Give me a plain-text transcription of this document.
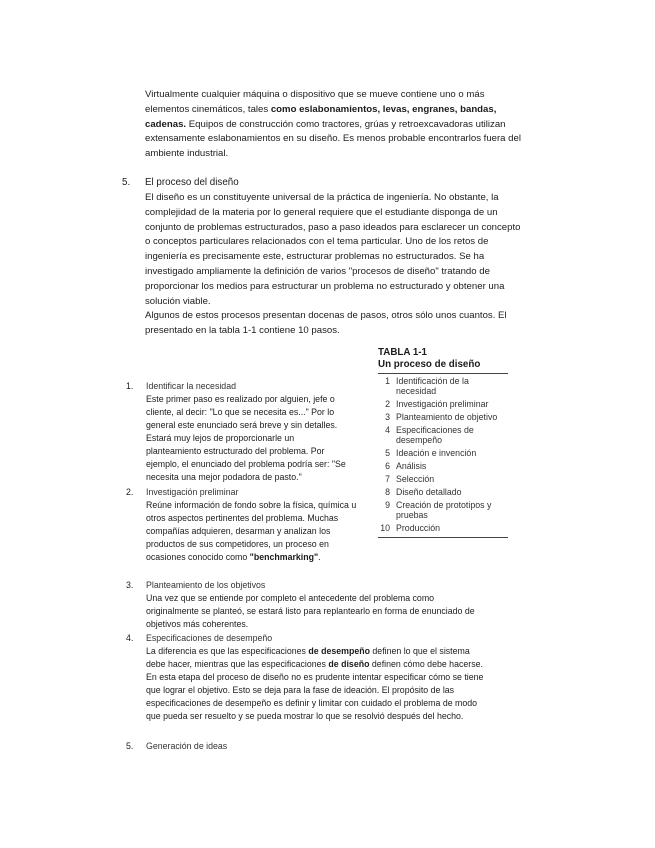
Virtualmente cualquier máquina o dispositivo que se mueve contiene uno o más elementos cinemáticos, tales como eslabonamientos, levas, engranes, bandas, cadenas. Equipos de construcción como tractores, grúas y retroexcavadoras utilizan extensamente eslabonamientos en su diseño. Es menos probable encontrarlos fuera del ambiente industrial.

5. El proceso del diseño

El diseño es un constituyente universal de la práctica de ingeniería. No obstante, la complejidad de la materia por lo general requiere que el estudiante disponga de un conjunto de problemas estructurados, paso a paso ideados para esclarecer un concepto o conceptos particulares relacionados con el tema particular. Uno de los retos de ingeniería es precisamente este, estructurar problemas no estructurados. Se ha investigado ampliamente la definición de varios "procesos de diseño" tratando de proporcionar los medios para estructurar un problema no estructurado y obtener una solución viable.

Algunos de estos procesos presentan docenas de pasos, otros sólo unos cuantos. El presentado en la tabla 1-1 contiene 10 pasos.

1. Identificar la necesidad

Este primer paso es realizado por alguien, jefe o cliente, al decir: "Lo que se necesita es..." Por lo general este enunciado será breve y sin detalles. Estará muy lejos de proporcionarle un planteamiento estructurado del problema. Por ejemplo, el enunciado del problema podría ser: "Se necesita una mejor podadora de pasto."

2. Investigación preliminar

Reúne información de fondo sobre la física, química u otros aspectos pertinentes del problema. Muchas compañías adquieren, desarman y analizan los productos de sus competidores, un proceso en ocasiones conocido como "benchmarking".

3. Planteamiento de los objetivos

Una vez que se entiende por completo el antecedente del problema como originalmente se planteó, se estará listo para replantearlo en forma de enunciado de objetivos más coherentes.

4. Especificaciones de desempeño

La diferencia es que las especificaciones de desempeño definen lo que el sistema debe hacer, mientras que las especificaciones de diseño definen cómo debe hacerse. En esta etapa del proceso de diseño no es prudente intentar especificar cómo se tiene que lograr el objetivo. Esto se deja para la fase de ideación. El propósito de las especificaciones de desempeño es definir y limitar con cuidado el problema de modo que pueda ser resuelto y se pueda mostrar lo que se resolvió después del hecho.

5. Generación de ideas
TABLA 1-1
Un proceso de diseño
1 Identificación de la necesidad
2 Investigación preliminar
3 Planteamiento de objetivo
4 Especificaciones de desempeño
5 Ideación e invención
6 Análisis
7 Selección
8 Diseño detallado
9 Creación de prototipos y pruebas
10 Producción
